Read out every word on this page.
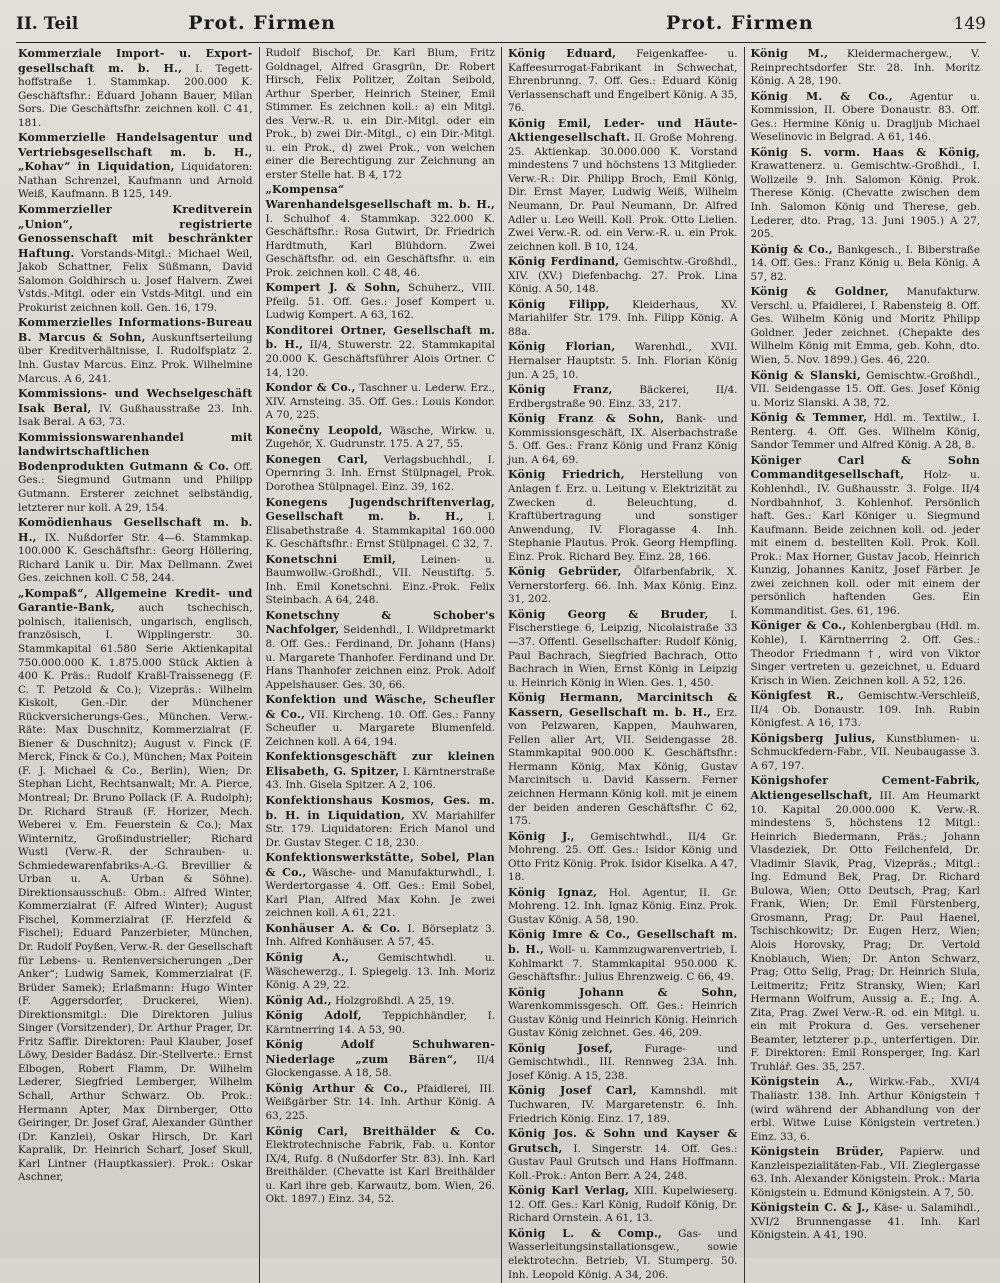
II. Teil	Prot. Firmen	Prot. Firmen	149

Kommerziale Import- u. Export-gesellschaft m. b. H., I. Tegett-hoffstraße 1. Stammkap. 200.000 K. Geschäftsfhr.: Eduard Johann Bauer, Milan Sors. Die Geschäftsfhr. zeichnen koll. C 41, 181.

Kommerzielle Handelsagentur und Vertriebsgesellschaft m. b. H., „Kohav“ in Liquidation, Liquidatoren: Nathan Schrenzel, Kaufmann und Arnold Weiß, Kaufmann. B 125, 149.

Kommerzieller Kreditverein „Union“, registrierte Genossenschaft mit beschränkter Haftung. Vorstands-Mitgl.: Michael Weil, Jakob Schattner, Felix Süßmann, David Salomon Goldhirsch u. Josef Halvern. Zwei Vstds.-Mitgl. oder ein Vstds-Mitgl. und ein Prokurist zeichnen koll. Gen. 16, 179.

Kommerzielles Informations-Bureau B. Marcus & Sohn, Auskunftserteilung über Kreditverhältnisse, I. Rudolfsplatz 2. Inh. Gustav Marcus. Einz. Prok. Wilhelmine Marcus. A 6, 241.

Kommissions- und Wechselgeschäft Isak Beral, IV. Gußhausstraße 23. Inh. Isak Beral. A 63, 73.

Kommissionswarenhandel mit landwirtschaftlichen Bodenprodukten Gutmann & Co. Off. Ges.: Siegmund Gutmann und Philipp Gutmann. Ersterer zeichnet selbständig, letzterer nur koll. A 29, 154.

Komödienhaus Gesellschaft m. b. H., IX. Nußdorfer Str. 4—6. Stammkap. 100.000 K. Geschäftsfhr.: Georg Höllering, Richard Lanik u. Dir. Max Dellmann. Zwei Ges. zeichnen koll. C 58, 244.

„Kompaß“, Allgemeine Kredit- und Garantie-Bank, auch tschechisch, polnisch, italienisch, ungarisch, englisch, französisch, I. Wipplingerstr. 30. Stammkapital 61.580 Serie Aktienkapital 750.000.000 K. 1.875.000 Stück Aktien à 400 K. Präs.: Rudolf Kraßl-Traissenegg (F. C. T. Petzold & Co.); Vizepräs.: Wilhelm Kiskolt, Gen.-Dir. der Münchener Rückversicherungs-Ges., München. Verw.-Räte: Max Duschnitz, Kommerzialrat (F. Biener & Duschnitz); August v. Finck (F. Merck, Finck & Co.), München; Max Poitein (F. J. Michael & Co., Berlin), Wien; Dr. Stephan Licht, Rechtsanwalt; Mr. A. Pierce, Montreal; Dr. Bruno Pollack (F. A. Rudolph); Dr. Richard Strauß (F. Horizer, Mech. Weberei v. Em. Feuerstein & Co.); Max Winternitz, Großindustrieller; Richard Wustl (Verw.-R. der Schrauben- u. Schmiedewarenfabriks-A.-G. Brevillier & Urban u. A. Urban & Söhne). Direktionsausschuß: Obm.: Alfred Winter, Kommerzialrat (F. Alfred Winter); August Fischel, Kommerzialrat (F. Herzfeld & Fischel); Eduard Panzerbieter, München, Dr. Rudolf Poyßen, Verw.-R. der Gesellschaft für Lebens- u. Rentenversicherungen „Der Anker“; Ludwig Samek, Kommerzialrat (F. Brüder Samek); Erlaßmann: Hugo Winter (F. Aggersdorfer, Druckerei, Wien). Direktionsmitgl.: Die Direktoren Julius Singer (Vorsitzender), Dr. Arthur Prager, Dr. Fritz Saffir. Direktoren: Paul Klauber, Josef Löwy, Desider Badász. Dir.-Stellverte.: Ernst Elbogen, Robert Flamm, Dr. Wilhelm Lederer, Siegfried Lemberger, Wilhelm Schall, Arthur Schwarz. Ob. Prok.: Hermann Apter, Max Dirnberger, Otto Geiringer, Dr. Josef Graf, Alexander Günther (Dr. Kanzlei), Oskar Hirsch, Dr. Karl Kapralik, Dr. Heinrich Scharf, Josef Skull, Karl Lintner (Hauptkassier). Prok.: Oskar Aschner,

Rudolf Bischof, Dr. Karl Blum, Fritz Goldnagel, Alfred Grasgrün, Dr. Robert Hirsch, Felix Politzer, Zoltan Seibold, Arthur Sperber, Heinrich Steiner, Emil Stimmer. Es zeichnen koll.: a) ein Mitgl. des Verw.-R. u. ein Dir.-Mitgl. oder ein Prok., b) zwei Dir.-Mitgl., c) ein Dir.-Mitgl. u. ein Prok., d) zwei Prok., von welchen einer die Berechtigung zur Zeichnung an erster Stelle hat. B 4, 172

„Kompensa“ Warenhandelsgesellschaft m. b. H., I. Schulhof 4. Stammkap. 322.000 K. Geschäftsfhr.: Rosa Gutwirt, Dr. Friedrich Hardtmuth, Karl Blühdorn. Zwei Geschäftsfhr. od. ein Geschäftsfhr. u. ein Prok. zeichnen koll. C 48, 46.

Kompert J. & Sohn, Schuherz., VIII. Pfeilg. 51. Off. Ges.: Josef Kompert u. Ludwig Kompert. A 63, 162.

Konditorei Ortner, Gesellschaft m. b. H., II/4, Stuwerstr. 22. Stammkapital 20.000 K. Geschäftsführer Alois Ortner. C 14, 120.

Kondor & Co., Taschner u. Lederw. Erz., XIV. Arnsteing. 35. Off. Ges.: Louis Kondor. A 70, 225.

Konečny Leopold, Wäsche, Wirkw. u. Zugehör, X. Gudrunstr. 175. A 27, 55.

Konegen Carl, Verlagsbuchhdl., I. Opernring 3. Inh. Ernst Stülpnagel, Prok. Dorothea Stülpnagel. Einz. 39, 162.

Konegens Jugendschriftenverlag, Gesellschaft m. b. H., I. Elisabethstraße 4. Stammkapital 160.000 K. Geschäftsfhr.: Ernst Stülpnagel. C 32, 7.

Konetschni Emil, Leinen- u. Baumwollw.-Großhdl., VII. Neustiftg. 5. Inh. Emil Konetschni. Einz.-Prok. Felix Steinbach. A 64, 248.

Konetschny & Schober's Nachfolger, Seidenhdl., I. Wildpretmarkt 8. Off. Ges.: Ferdinand, Dr. Johann (Hans) u. Margarete Thanhofer. Ferdinand und Dr. Hans Thanhofer zeichnen einz. Prok. Adolf Appelshauser. Ges. 30, 66.

Konfektion und Wäsche, Scheufler & Co., VII. Kircheng. 10. Off. Ges.: Fanny Scheufler u. Margarete Blumenfeld. Zeichnen koll. A 64, 194.

Konfektionsgeschäft zur kleinen Elisabeth, G. Spitzer, I. Kärntnerstraße 43. Inh. Gisela Spitzer. A 2, 106.

Konfektionshaus Kosmos, Ges. m. b. H. in Liquidation, XV. Mariahilfer Str. 179. Liquidatoren: Erich Manol und Dr. Gustav Steger. C 18, 230.

Konfektionswerkstätte, Sobel, Plan & Co., Wäsche- und Manufakturwhdl., I. Werdertorgasse 4. Off. Ges.: Emil Sobel, Karl Plan, Alfred Max Kohn. Je zwei zeichnen koll. A 61, 221.

Konhäuser A. & Co. I. Börseplatz 3. Inh. Alfred Konhäuser. A 57, 45.

König A.,	Gemischtwhdl. u. Wäschewerzg., I. Spiegelg. 13. Inh. Moriz König. A 29, 22.

König Ad., Holzgroßhdl. A 25, 19.

König Adolf, Teppichhändler, I. Kärntnerring 14. A 53, 90.

König Adolf Schuhwaren-Niederlage „zum Bären“, II/4 Glockengasse. A 18, 58.

König Arthur & Co., Pfaidlerei, III. Weißgärber Str. 14. Inh. Arthur König. A 63, 225.

König Carl, Breithälder & Co. Elektrotechnische Fabrik, Fab. u. Kontor IX/4, Rufg. 8 (Nußdorfer Str. 83). Inh. Karl Breithälder. (Chevatte ist Karl Breithälder u. Karl ihre geb. Karwautz, bom. Wien, 26. Okt. 1897.) Einz. 34, 52.

König Eduard, Feigenkaffee- u. Kaffeesurrogat-Fabrikant in Schwechat, Ehrenbrunng. 7. Off. Ges.: Eduard König Verlassenschaft und Engelbert König. A 35, 76.

König Emil, Leder- und Häute-Aktiengesellschaft. II. Große Mohreng. 25. Aktienkap. 30.000.000 K. Vorstand mindestens 7 und höchstens 13 Mitglieder. Verw.-R.: Dir. Philipp Broch, Emil König, Dir. Ernst Mayer, Ludwig Weiß, Wilhelm Neumann, Dr. Paul Neumann, Dr. Alfred Adler u. Leo Weill. Koll. Prok. Otto Lielien. Zwei Verw.-R. od. ein Verw.-R. u. ein Prok. zeichnen koll. B 10, 124.

König Ferdinand, Gemischtw.-Großhdl., XIV. (XV.) Diefenbachg. 27. Prok. Lina König. A 50, 148.

König Filipp, Kleiderhaus, XV. Mariahilfer Str. 179. Inh. Filipp König. A 88a.

König Florian, Warenhdl., XVII. Hernalser Hauptstr. 5. Inh. Florian König jun. A 25, 10.

König Franz,	Bäckerei, II/4. Erdbergstraße 90. Einz. 33, 217.

König Franz & Sohn, Bank- und Kommissionsgeschäft, IX. Alserbachstraße 5. Off. Ges.: Franz König und Franz König jun. A 64, 69.

König Friedrich, Herstellung von Anlagen f. Erz. u. Leitung v. Elektrizität zu Zwecken d. Beleuchtung, d. Kraftübertragung und sonstiger Anwendung, IV. Floragasse 4. Inh. Stephanie Plautus. Prok. Georg Hempfling. Einz. Prok. Richard Bey. Einz. 28, 166.

König Gebrüder, Ölfarbenfabrik, X. Vernerstorferg. 66. Inh. Max König. Einz. 31, 202.

König Georg & Bruder, I. Fischerstiege 6, Leipzig, Nicolaistraße 33—37. Offentl. Gesellschafter: Rudolf König, Paul Bachrach, Siegfried Bachrach, Otto Bachrach in Wien, Ernst König in Leipzig u. Heinrich König in Wien. Ges. 1, 450.

König Hermann, Marcinitsch & Kassern, Gesellschaft m. b. H., Erz. von Pelzwaren, Kappen, Mauhwaren, Fellen aller Art, VII. Seidengasse 28. Stammkapital 900.000 K. Geschäftsfhr.: Hermann König, Max König, Gustav Marcinitsch u. David Kassern. Ferner zeichnen Hermann König koll. mit je einem der beiden anderen Geschäftsfhr. C 62, 175.

König J., Gemischtwhdl., II/4 Gr. Mohreng. 25. Off. Ges.: Isidor König und Otto Fritz König. Prok. Isidor Kiselka. A 47, 18.

König Ignaz, Hol. Agentur, II. Gr. Mohreng. 12. Inh. Ignaz König. Einz. Prok. Gustav König. A 58, 190.

König Imre & Co., Gesellschaft m. b. H., Woll- u. Kammzugwarenvertrieb, I. Kohlmarkt 7. Stammkapital 950.000 K. Geschäftsfhr.: Julius Ehrenzweig. C 66, 49.

König Johann & Sohn, Warenkommissgesch. Off. Ges.: Heinrich Gustav König und Heinrich König. Heinrich Gustav König zeichnet. Ges. 46, 209.

König Josef,	Furage- und Gemischtwhdl., III. Rennweg 23A. Inh. Josef König. A 15, 238.

König Josef Carl, Kamnshdl. mit Tuchwaren, IV. Margaretenstr. 6. Inh. Friedrich König. Einz. 17, 189.

König Jos. & Sohn und Kayser & Grutsch, I. Singerstr. 14. Off. Ges.: Gustav Paul Grutsch und Hans Hoffmann. Koll.-Prok.: Anton Berr. A 24, 248.

König Karl Verlag, XIII. Kupelwieserg. 12. Off. Ges.: Karl König, Rudolf König, Dr. Richard Ornstein. A 61, 13.

König L. & Comp., Gas- und Wasserleitungsinstallationsgew., sowie elektrotechn. Betrieb, VI. Stumperg. 50. Inh. Leopold König. A 34, 206.

König M., Kleidermachergew., V. Reinprechtsdorfer Str. 28. Inh. Moritz König. A 28, 190.

König M. & Co., Agentur u. Kommission, II. Obere Donaustr. 83. Off. Ges.: Hermine König u. Dragljub Michael Weselinovic in Belgrad. A 61, 146.

König S. vorm. Haas & König, Krawattenerz. u. Gemischtw.-Großhdl., I. Wollzeile 9. Inh. Salomon König. Prok. Therese König. (Chevatte zwischen dem Inh. Salomon König und Therese, geb. Lederer, dto. Prag, 13. Juni 1905.) A 27, 205.

König & Co., Bankgesch., I. Biberstraße 14. Off. Ges.: Franz König u. Bela König. A 57, 82.

König & Goldner, Manufakturw. Verschl. u. Pfaidlerei, I. Rabensteig 8. Off. Ges. Wilhelm König und Moritz Philipp Goldner. Jeder zeichnet. (Chepakte des Wilhelm König mit Emma, geb. Kohn, dto. Wien, 5. Nov. 1899.) Ges. 46, 220.

König & Slanski, Gemischtw.-Großhdl., VII. Seidengasse 15. Off. Ges. Josef König u. Moriz Slanski. A 38, 72.

König & Temmer, Hdl. m. Textilw., I. Renterg. 4. Off. Ges. Wilhelm König, Sandor Temmer und Alfred König. A 28, 8.

Königer Carl & Sohn Commanditgesellschaft, Holz- u. Kohlenhdl., IV. Gußhausstr. 3. Folge. II/4 Nordbahnhof, 3. Kohlenhof. Persönlich haft. Ges.: Karl Königer u. Siegmund Kaufmann. Beide zeichnen koll. od. jeder mit einem d. bestellten Koll. Prok. Koll. Prok.: Max Horner, Gustav Jacob, Heinrich Kunzig, Johannes Kanitz, Josef Färber. Je zwei zeichnen koll. oder mit einem der persönlich haftenden Ges. Ein Kommanditist. Ges. 61, 196.

Königer & Co., Kohlenbergbau (Hdl. m. Kohle), I. Kärntnerring 2. Off. Ges.: Theodor Friedmann †, wird von Viktor Singer vertreten u. gezeichnet, u. Eduard Krisch in Wien. Zeichnen koll. A 52, 126.

Königfest R., Gemischtw.-Verschleiß, II/4 Ob. Donaustr. 109. Inh. Rubin Königfest. A 16, 173.

Königsberg Julius, Kunstblumen- u. Schmuckfedern-Fabr., VII. Neubaugasse 3. A 67, 197.

Königshofer Cement-Fabrik, Aktiengesellschaft, III. Am Heumarkt 10. Kapital 20.000.000 K. Verw.-R. mindestens 5, höchstens 12 Mitgl.: Heinrich Biedermann, Präs.; Johann Vlasdeziek, Dr. Otto Feilchenfeld, Dr. Vladimir Slavik, Prag, Vizepräs.; Mitgl.: Ing. Edmund Bek, Prag, Dr. Richard Bulowa, Wien; Otto Deutsch, Prag; Karl Frank, Wien; Dr. Emil Fürstenberg, Grosmann, Prag; Dr. Paul Haenel, Tschischkowitz; Dr. Eugen Herz, Wien; Alois Horovsky, Prag; Dr. Vertold Knoblauch, Wien; Dr. Anton Schwarz, Prag; Otto Selig, Prag; Dr. Heinrich Slula, Leitmeritz; Fritz Stransky, Wien; Karl Hermann Wolfrum, Aussig a. E.; Ing. A. Zita, Prag. Zwei Verw.-R. od. ein Mitgl. u. ein mit Prokura d. Ges. versehener Beamter, letzterer p.p., unterfertigen. Dir. F. Direktoren: Emil Ronsperger, Ing. Karl Truhlář. Ges. 35, 257.

Königstein A., Wirkw.-Fab., XVI/4 Thaliastr. 138. Inh. Arthur Königstein † (wird während der Abhandlung von der erbl. Witwe Luise Königstein vertreten.) Einz. 33, 6.

Königstein Brüder, Papierw. und Kanzleispezialitäten-Fab., VII. Zieglergasse 63. Inh. Alexander Königstein. Prok.: Maria Königstein u. Edmund Königstein. A 7, 50.

Königstein C. & J., Käse- u. Salamihdl., XVI/2 Brunnengasse 41. Inh. Karl Königstein. A 41, 190.
